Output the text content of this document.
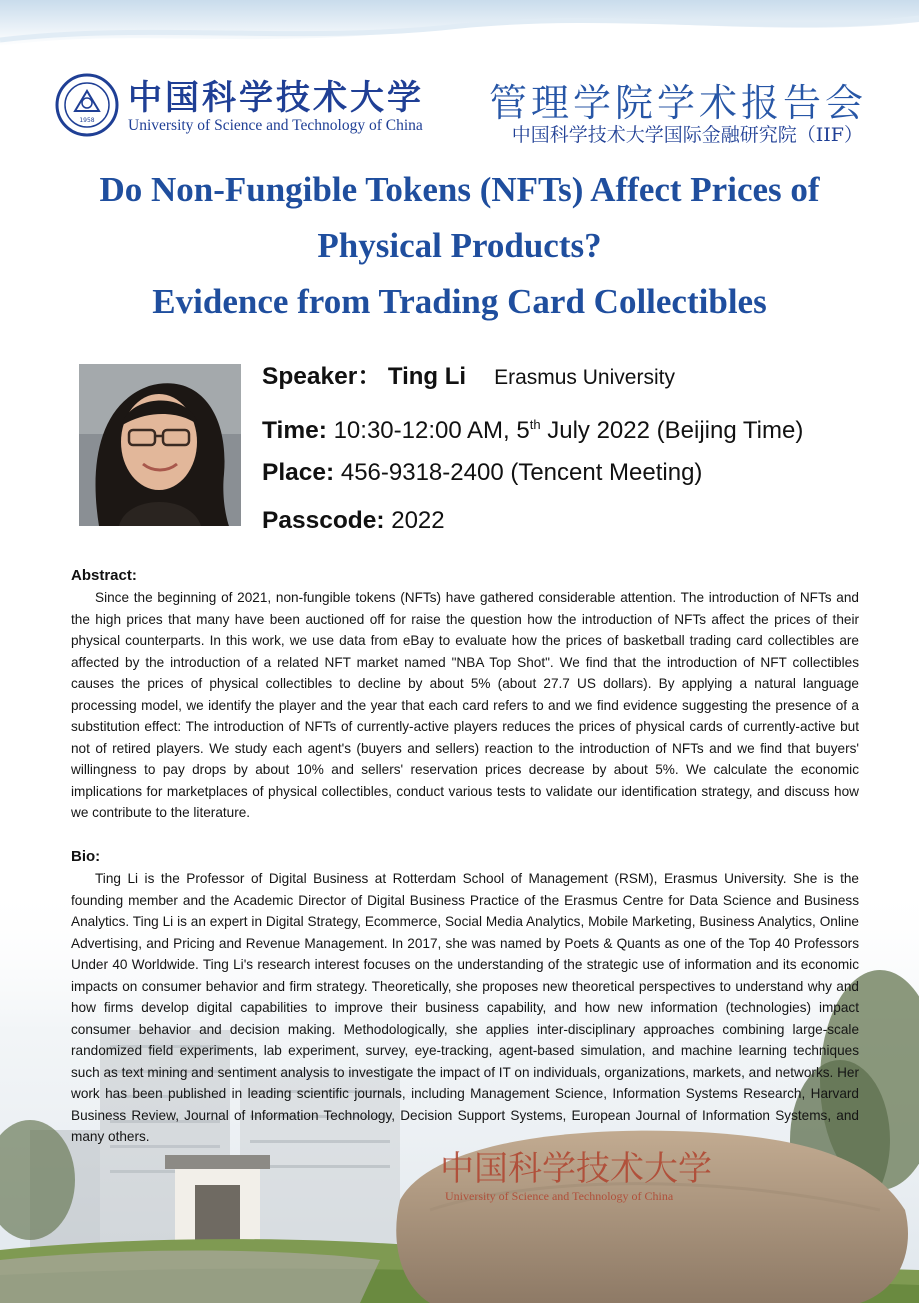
中国科学技术大学
University of Science and Technology of China
1958
中国科学技术大学
University of Science and Technology of China
管理学院学术报告会
中国科学技术大学国际金融研究院（IIF）
Do Non-Fungible Tokens (NFTs) Affect Prices of
Physical Products?
Evidence from Trading Card Collectibles
Speaker： Ting Li Erasmus University
Time: 10:30-12:00 AM, 5th July 2022 (Beijing Time)
Place: 456-9318-2400 (Tencent Meeting)
Passcode: 2022
Abstract:

Since the beginning of 2021, non-fungible tokens (NFTs) have gathered considerable attention. The introduction of NFTs and the high prices that many have been auctioned off for raise the question how the introduction of NFTs affect the prices of their physical counterparts. In this work, we use data from eBay to evaluate how the prices of basketball trading card collectibles are affected by the introduction of a related NFT market named "NBA Top Shot". We find that the introduction of NFT collectibles causes the prices of physical collectibles to decline by about 5% (about 27.7 US dollars). By applying a natural language processing model, we identify the player and the year that each card refers to and we find evidence suggesting the presence of a substitution effect: The introduction of NFTs of currently-active players reduces the prices of physical cards of currently-active but not of retired players. We study each agent's (buyers and sellers) reaction to the introduction of NFTs and we find that buyers' willingness to pay drops by about 10% and sellers' reservation prices decrease by about 5%. We calculate the economic implications for marketplaces of physical collectibles, conduct various tests to validate our identification strategy, and discuss how we contribute to the literature.

Bio:

Ting Li is the Professor of Digital Business at Rotterdam School of Management (RSM), Erasmus University. She is the founding member and the Academic Director of Digital Business Practice of the Erasmus Centre for Data Science and Business Analytics. Ting Li is an expert in Digital Strategy, Ecommerce, Social Media Analytics, Mobile Marketing, Business Analytics, Online Advertising, and Pricing and Revenue Management. In 2017, she was named by Poets & Quants as one of the Top 40 Professors Under 40 Worldwide. Ting Li's research interest focuses on the understanding of the strategic use of information and its economic impacts on consumer behavior and firm strategy. Theoretically, she proposes new theoretical perspectives to understand why and how firms develop digital capabilities to improve their business capability, and how new information (technologies) impact consumer behavior and decision making. Methodologically, she applies inter-disciplinary approaches combining large-scale randomized field experiments, lab experiment, survey, eye-tracking, agent-based simulation, and machine learning techniques such as text mining and sentiment analysis to investigate the impact of IT on individuals, organizations, markets, and networks. Her work has been published in leading scientific journals, including Management Science, Information Systems Research, Harvard Business Review, Journal of Information Technology, Decision Support Systems, European Journal of Information Systems, and many others.
